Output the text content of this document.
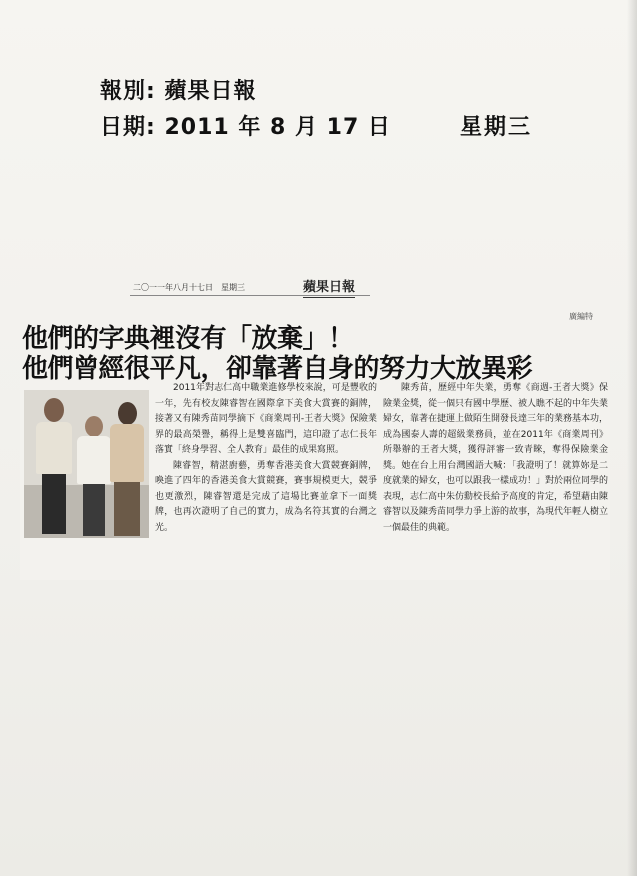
報別: 蘋果日報
日期: 2011 年 8 月 17 日	星期三
二〇一一年八月十七日　星期三	蘋果日報
廣編特
他們的字典裡沒有「放棄」！
他們曾經很平凡，卻靠著自身的努力大放異彩

2011年對志仁高中職業進修學校來說，可是豐收的一年，先有校友陳睿智在國際拿下美食大賞賽的銅牌，接著又有陳秀苗同學摘下《商業周刊-王者大獎》保險業界的最高榮譽，稱得上是雙喜臨門，這印證了志仁長年落實「終身學習、全人教育」最佳的成果寫照。

陳睿智，精湛廚藝，勇奪香港美食大賞競賽銅牌，喚進了四年的香港美食大賞競賽，賽事規模更大，競爭也更激烈，陳睿智還是完成了這場比賽並拿下一面獎牌，也再次證明了自己的實力，成為名符其實的台灣之光。

陳秀苗，歷經中年失業，勇奪《商週-王者大獎》保險業金獎，從一個只有國中學歷、被人瞧不起的中年失業婦女，靠著在捷運上做陌生開發長達三年的業務基本功，成為國泰人壽的超級業務員，並在2011年《商業周刊》所舉辦的王者大獎，獲得評審一致青睞，奪得保險業金獎。她在台上用台灣國語大喊：「我證明了！就算妳是二度就業的婦女，也可以跟我一樣成功！」對於兩位同學的表現，志仁高中朱仿勳校長給予高度的肯定，希望藉由陳睿智以及陳秀苗同學力爭上游的故事，為現代年輕人樹立一個最佳的典範。
